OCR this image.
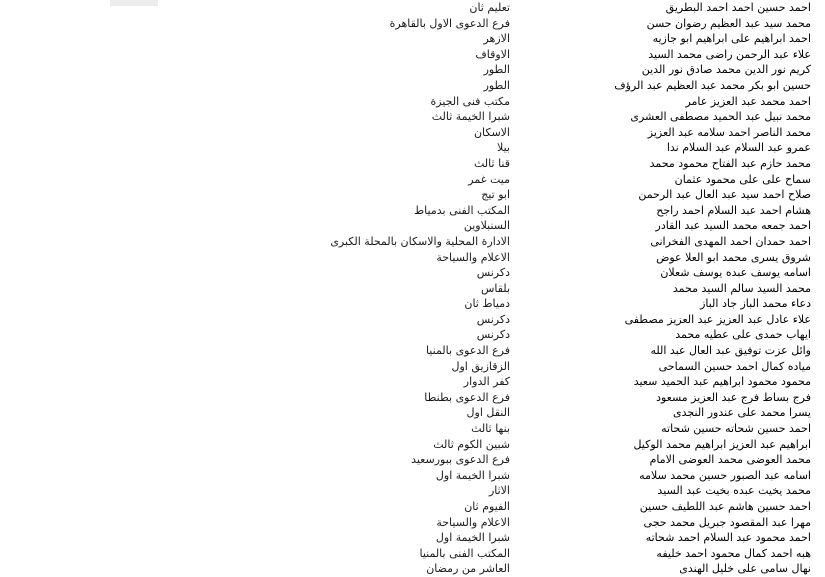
احمد حسين احمد احمد البطريق
تعليم ثان
محمد سيد عبد العظيم رضوان حسن
فرع الدعوى الاول بالقاهرة
احمد ابراهيم على ابراهيم ابو جازيه
الازهر
علاء عبد الرحمن راضى محمد السيد
الاوقاف
كريم نور الدين محمد صادق نور الدين
الطور
حسين ابو بكر محمد عبد العظيم عبد الرؤف
الطور
احمد محمد عبد العزيز عامر
مكتب فنى الجيزة
محمد نبيل عبد الحميد مصطفى العشرى
شبرا الخيمة ثالث
محمد الناصر احمد سلامه عبد العزيز
الاسكان
عمرو عبد السلام عبد السلام ندا
بيلا
محمد حازم عبد الفتاح محمود محمد
قنا ثالث
سماح على على محمود عثمان
ميت غمر
صلاح احمد سيد عبد العال عبد الرحمن
ابو تيج
هشام احمد عبد السلام احمد راجح
المكتب الفنى بدمياط
احمد جمعه محمد السيد عبد القادر
السنبلاوين
احمد حمدان احمد المهدى الفخرانى
الادارة المحلية والاسكان بالمحلة الكبرى
شروق يسرى محمد ابو العلا عوض
الاعلام والسياحة
اسامه يوسف عبده يوسف شعلان
دكرنس
محمد السيد سالم السيد محمد
بلقاس
دعاء محمد الباز جاد الباز
دمياط ثان
علاء عادل عبد العزيز عبد العزيز مصطفى
دكرنس
ايهاب حمدى على عطيه محمد
دكرنس
وائل عزت توفيق عبد العال عبد الله
فرع الدعوى بالمنيا
مياده كمال احمد حسين السماحى
الزقازيق اول
محمود محمود ابراهيم عبد الحميد سعيد
كفر الدوار
فرج بساط فرج عبد العزيز مسعود
فرع الدعوى بطنطا
يسرا محمد على عندور النجدى
النقل اول
احمد حسين شحاته حسين شحاته
بنها ثالث
ابراهيم عبد العزيز ابراهيم محمد الوكيل
شبين الكوم ثالث
محمد العوضى محمد العوضى الامام
فرع الدعوى ببورسعيد
اسامه عبد الصبور حسين محمد سلامه
شبرا الخيمة اول
محمد يخيت عبده بخيت عبد السيد
الاثار
احمد حسين هاشم عبد اللطيف حسين
الفيوم ثان
مهرا عبد المقصود جبريل محمد حجى
الاعلام والسياحة
احمد محمود عبد السلام احمد شحاته
شبرا الخيمة اول
هبه احمد كمال محمود احمد خليفه
المكتب الفنى بالمنيا
نهال سامى على خليل الهندى
العاشر من رمضان
